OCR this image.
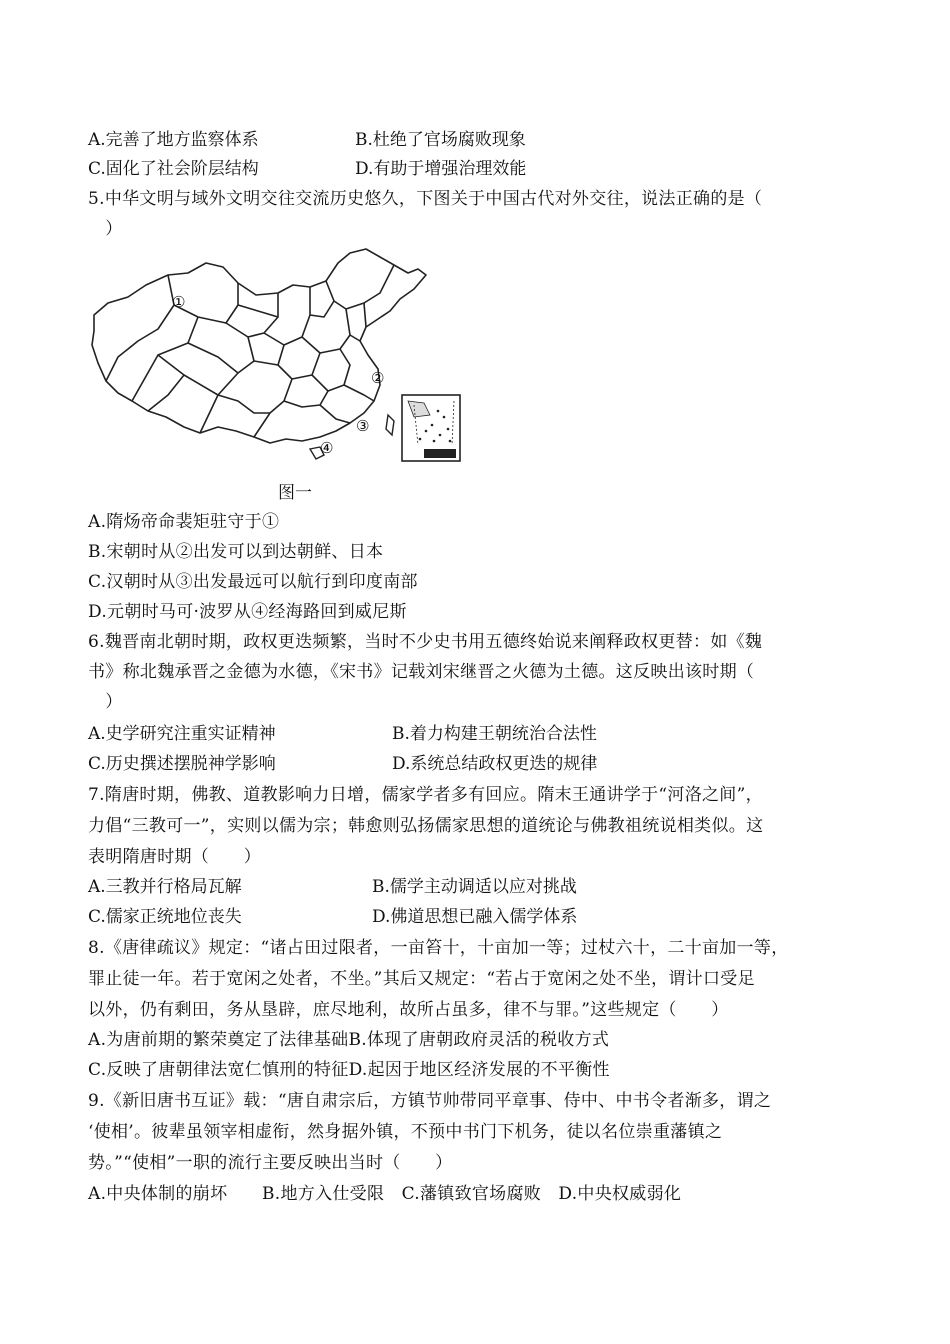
A.完善了地方监察体系	B.杜绝了官场腐败现象
C.固化了社会阶层结构	D.有助于增强治理效能
5.中华文明与域外文明交往交流历史悠久，下图关于中国古代对外交往，说法正确的是（
　）
①
②
③
④
图一
A.隋炀帝命裴矩驻守于①
B.宋朝时从②出发可以到达朝鲜、日本
C.汉朝时从③出发最远可以航行到印度南部
D.元朝时马可·波罗从④经海路回到威尼斯
6.魏晋南北朝时期，政权更迭频繁，当时不少史书用五德终始说来阐释政权更替：如《魏
书》称北魏承晋之金德为水德，《宋书》记载刘宋继晋之火德为土德。这反映出该时期（
　）
A.史学研究注重实证精神	B.着力构建王朝统治合法性
C.历史撰述摆脱神学影响	D.系统总结政权更迭的规律
7.隋唐时期，佛教、道教影响力日增，儒家学者多有回应。隋末王通讲学于“河洛之间”，
力倡“三教可一”，实则以儒为宗；韩愈则弘扬儒家思想的道统论与佛教祖统说相类似。这
表明隋唐时期（　　）
A.三教并行格局瓦解	B.儒学主动调适以应对挑战
C.儒家正统地位丧失	D.佛道思想已融入儒学体系
8.《唐律疏议》规定：“诸占田过限者，一亩笞十，十亩加一等；过杖六十，二十亩加一等，
罪止徒一年。若于宽闲之处者，不坐。”其后又规定：“若占于宽闲之处不坐，谓计口受足
以外，仍有剩田，务从垦辟，庶尽地利，故所占虽多，律不与罪。”这些规定（　　）
A.为唐前期的繁荣奠定了法律基础B.体现了唐朝政府灵活的税收方式
C.反映了唐朝律法宽仁慎刑的特征D.起因于地区经济发展的不平衡性
9.《新旧唐书互证》载：“唐自肃宗后，方镇节帅带同平章事、侍中、中书令者渐多，谓之
‘使相’。彼辈虽领宰相虚衔，然身据外镇，不预中书门下机务，徒以名位崇重藩镇之
势。”“使相”一职的流行主要反映出当时（　　）
A.中央体制的崩坏　　B.地方入仕受限　C.藩镇致官场腐败　D.中央权威弱化
